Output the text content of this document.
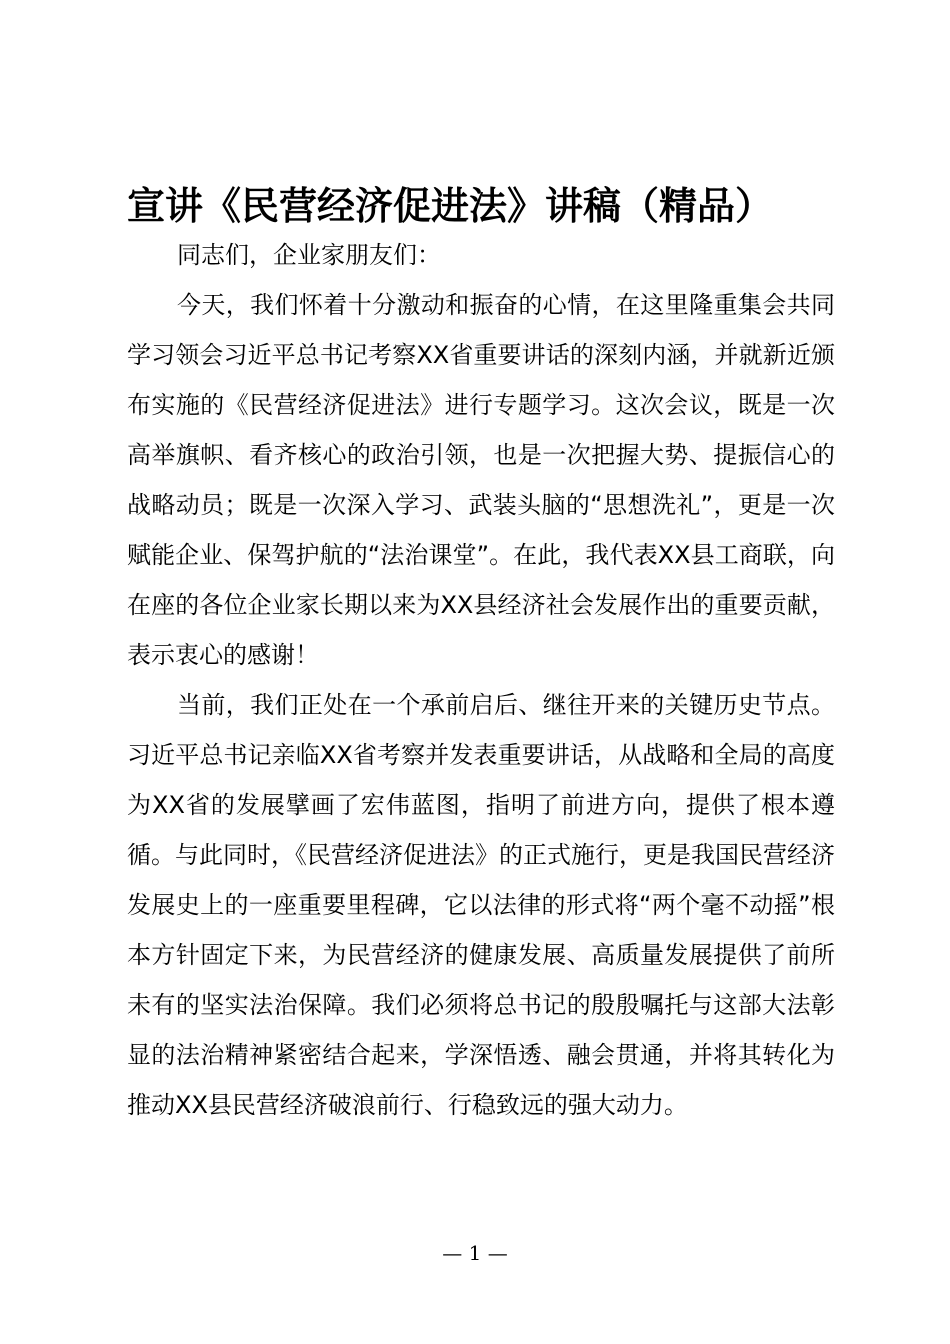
宣讲《民营经济促进法》讲稿（精品）

同志们，企业家朋友们：

今天，我们怀着十分激动和振奋的心情，在这里隆重集会共同学习领会习近平总书记考察XX省重要讲话的深刻内涵，并就新近颁布实施的《民营经济促进法》进行专题学习。这次会议，既是一次高举旗帜、看齐核心的政治引领，也是一次把握大势、提振信心的战略动员；既是一次深入学习、武装头脑的“思想洗礼”，更是一次赋能企业、保驾护航的“法治课堂”。在此，我代表XX县工商联，向在座的各位企业家长期以来为XX县经济社会发展作出的重要贡献，表示衷心的感谢！

当前，我们正处在一个承前启后、继往开来的关键历史节点。习近平总书记亲临XX省考察并发表重要讲话，从战略和全局的高度为XX省的发展擘画了宏伟蓝图，指明了前进方向，提供了根本遵循。与此同时，《民营经济促进法》的正式施行，更是我国民营经济发展史上的一座重要里程碑，它以法律的形式将“两个毫不动摇”根本方针固定下来，为民营经济的健康发展、高质量发展提供了前所未有的坚实法治保障。我们必须将总书记的殷殷嘱托与这部大法彰显的法治精神紧密结合起来，学深悟透、融会贯通，并将其转化为推动XX县民营经济破浪前行、行稳致远的强大动力。

— 1 —
